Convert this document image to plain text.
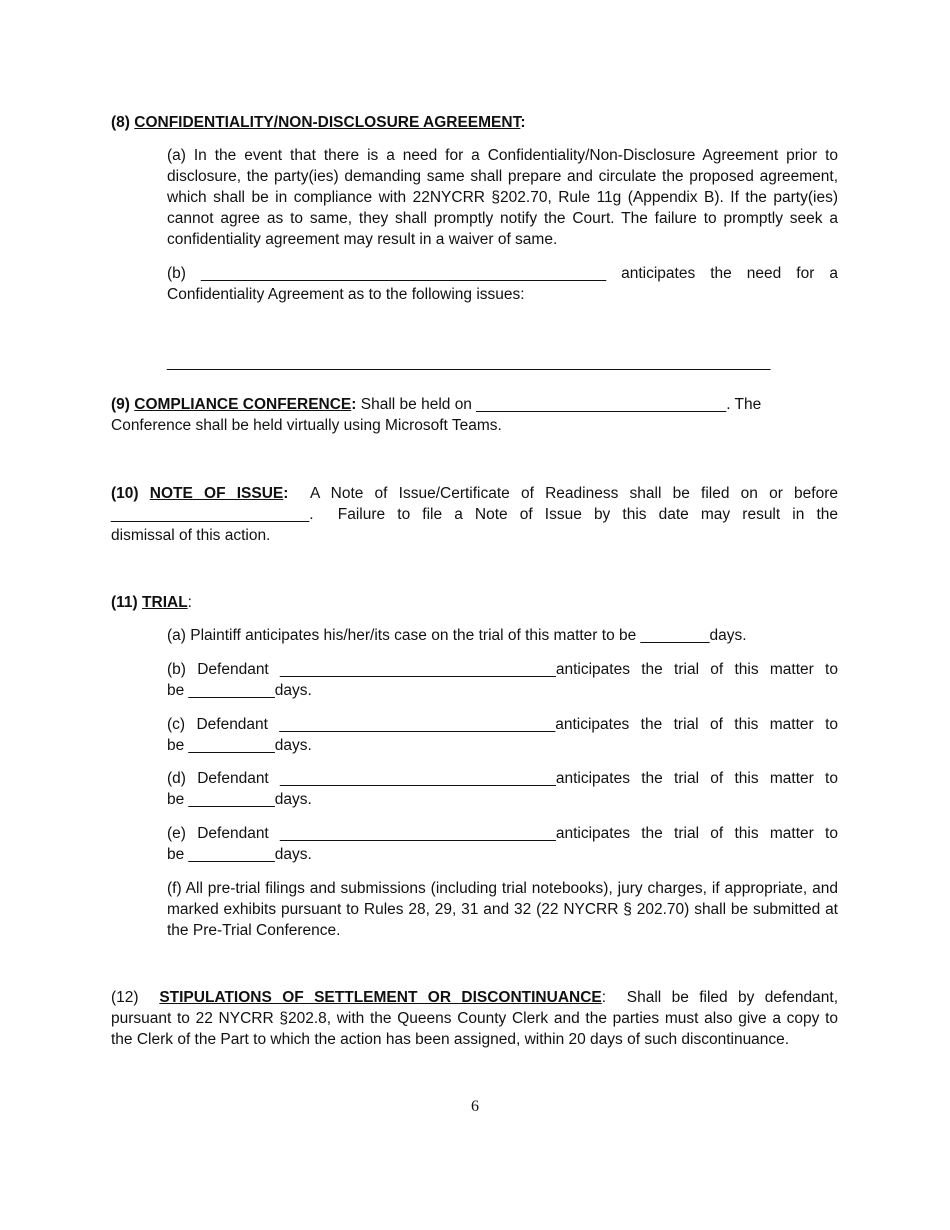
(8) CONFIDENTIALITY/NON-DISCLOSURE AGREEMENT:

(a) In the event that there is a need for a Confidentiality/Non-Disclosure Agreement prior to disclosure, the party(ies) demanding same shall prepare and circulate the proposed agreement, which shall be in compliance with 22NYCRR §202.70, Rule 11g (Appendix B). If the party(ies) cannot agree as to same, they shall promptly notify the Court. The failure to promptly seek a confidentiality agreement may result in a waiver of same.

(b) _______________________________________________ anticipates the need for a
Confidentiality Agreement as to the following issues:

______________________________________________________________________

(9) COMPLIANCE CONFERENCE: Shall be held on _____________________________. The
Conference shall be held virtually using Microsoft Teams.

(10) NOTE OF ISSUE:  A Note of Issue/Certificate of Readiness shall be filed on or before
_______________________.  Failure to file a Note of Issue by this date may result in the
dismissal of this action.

(11) TRIAL:

(a) Plaintiff anticipates his/her/its case on the trial of this matter to be ________days.

(b) Defendant ________________________________anticipates the trial of this matter to
be __________days.

(c) Defendant ________________________________anticipates the trial of this matter to
be __________days.

(d) Defendant ________________________________anticipates the trial of this matter to
be __________days.

(e) Defendant ________________________________anticipates the trial of this matter to
be __________days.

(f) All pre-trial filings and submissions (including trial notebooks), jury charges, if appropriate, and marked exhibits pursuant to Rules 28, 29, 31 and 32 (22 NYCRR § 202.70) shall be submitted at the Pre-Trial Conference.

(12) STIPULATIONS OF SETTLEMENT OR DISCONTINUANCE:  Shall be filed by defendant,
pursuant to 22 NYCRR §202.8, with the Queens County Clerk and the parties must also give a copy to the Clerk of the Part to which the action has been assigned, within 20 days of such discontinuance.

6
